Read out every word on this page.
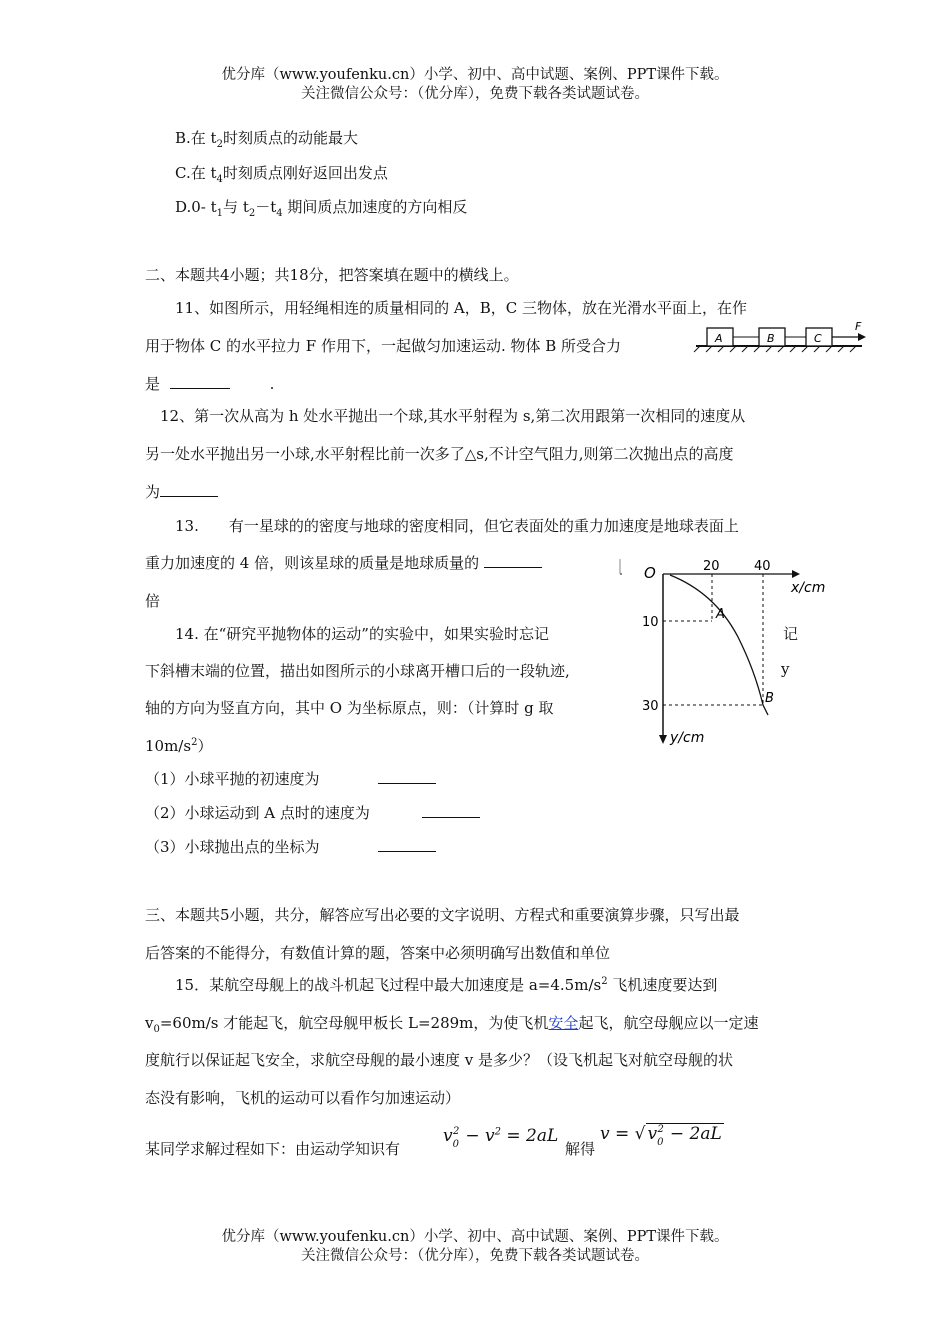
优分库（www.youfenku.cn）小学、初中、高中试题、案例、PPT课件下载。
关注微信公众号：（优分库），免费下载各类试题试卷。
B.在 $t_2$时刻质点的动能最大
C.在 $t_4$时刻质点刚好返回出发点
D.0- $t_1$与 $t_2-t_4$ 期间质点加速度的方向相反
二、本题共4小题；共18分，把答案填在题中的横线上。
11、如图所示，用轻绳相连的质量相同的 A，B，C 三物体，放在光滑水平面上，在作
用于物体 C 的水平拉力 F 作用下，一起做匀加速运动. 物体 B 所受合力
是	.
A	B	C
F
12、第一次从高为 h 处水平抛出一个球,其水平射程为 s,第二次用跟第一次相同的速度从
另一处水平抛出另一小球,水平射程比前一次多了△s,不计空气阻力,则第二次抛出点的高度
为
13.　　有一星球的的密度与地球的密度相同，但它表面处的重力加速度是地球表面上
重力加速度的 4 倍，则该星球的质量是地球质量的
倍
14. 在“研究平抛物体的运动”的实验中，如果实验时忘记	记
下斜槽末端的位置，描出如图所示的小球离开槽口后的一段轨迹,	y
轴的方向为竖直方向，其中 O 为坐标原点，则：（计算时 g 取
$10m/s^2$）
（1）小球平抛的初速度为
（2）小球运动到 A 点时的速度为
（3）小球抛出点的坐标为
O	20	40
x/cm
10
30
y/cm
A
B
三、本题共5小题，共分，解答应写出必要的文字说明、方程式和重要演算步骤，只写出最
后答案的不能得分，有数值计算的题，答案中必须明确写出数值和单位
15．某航空母舰上的战斗机起飞过程中最大加速度是 $a=4.5m/s^2$ 飞机速度要达到
$v_0=60m/s$ 才能起飞，航空母舰甲板长 L=289m，为使飞机安全起飞，航空母舰应以一定速
度航行以保证起飞安全，求航空母舰的最小速度 v 是多少？（设飞机起飞对航空母舰的状
态没有影响，飞机的运动可以看作匀加速运动）
某同学求解过程如下：由运动学知识有
$v_0^2 - v^2 = 2aL$
解得
v = √ $v_0^2 - 2aL$
优分库（www.youfenku.cn）小学、初中、高中试题、案例、PPT课件下载。
关注微信公众号：（优分库），免费下载各类试题试卷。
